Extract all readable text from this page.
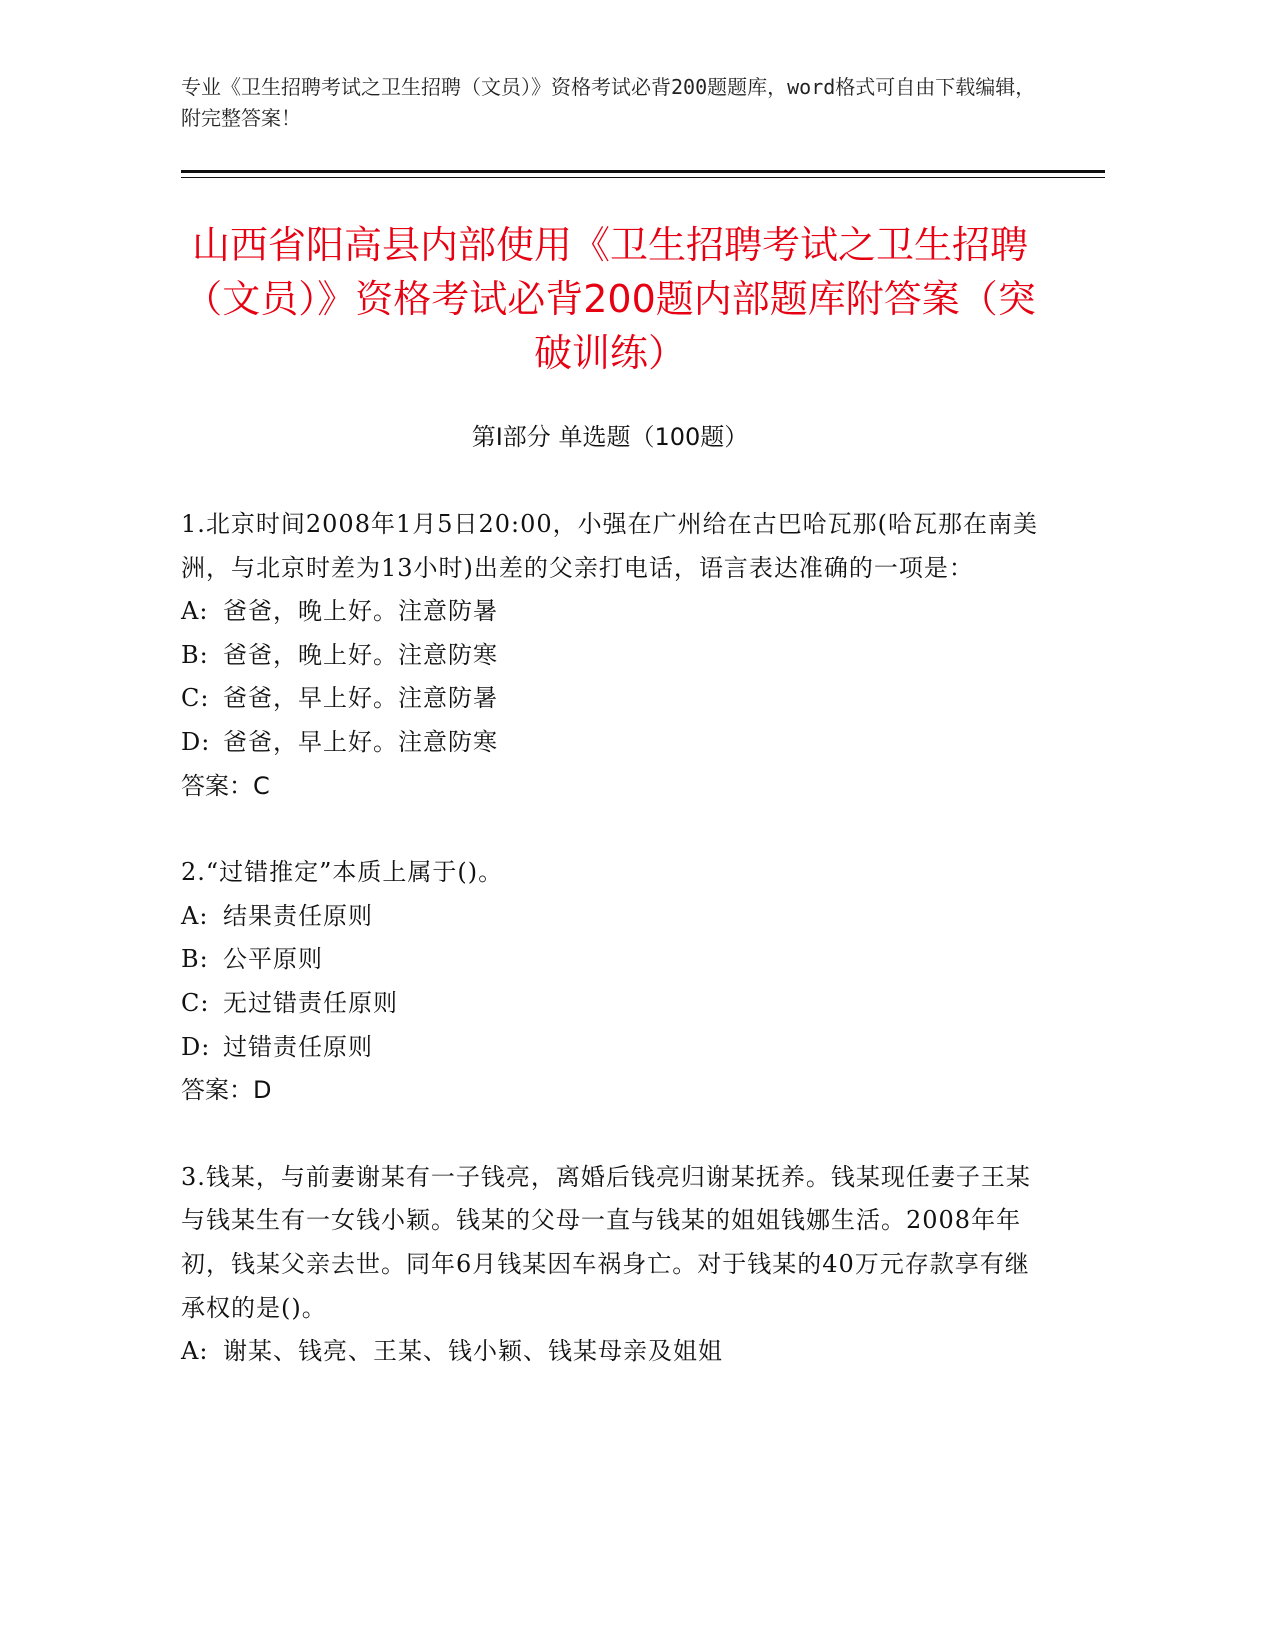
专业《卫生招聘考试之卫生招聘（文员）》资格考试必背200题题库，word格式可自由下载编辑，附完整答案！
山西省阳高县内部使用《卫生招聘考试之卫生招聘（文员）》资格考试必背200题内部题库附答案（突破训练）
第I部分 单选题（100题）
1.北京时间2008年1月5日20:00，小强在广州给在古巴哈瓦那(哈瓦那在南美洲，与北京时差为13小时)出差的父亲打电话，语言表达准确的一项是：
A: 爸爸，晚上好。注意防暑
B: 爸爸，晚上好。注意防寒
C: 爸爸，早上好。注意防暑
D: 爸爸，早上好。注意防寒
答案：C
2.“过错推定”本质上属于()。
A: 结果责任原则
B: 公平原则
C: 无过错责任原则
D: 过错责任原则
答案：D
3.钱某，与前妻谢某有一子钱亮，离婚后钱亮归谢某抚养。钱某现任妻子王某与钱某生有一女钱小颖。钱某的父母一直与钱某的姐姐钱娜生活。2008年年初，钱某父亲去世。同年6月钱某因车祸身亡。对于钱某的40万元存款享有继承权的是()。
A: 谢某、钱亮、王某、钱小颖、钱某母亲及姐姐
